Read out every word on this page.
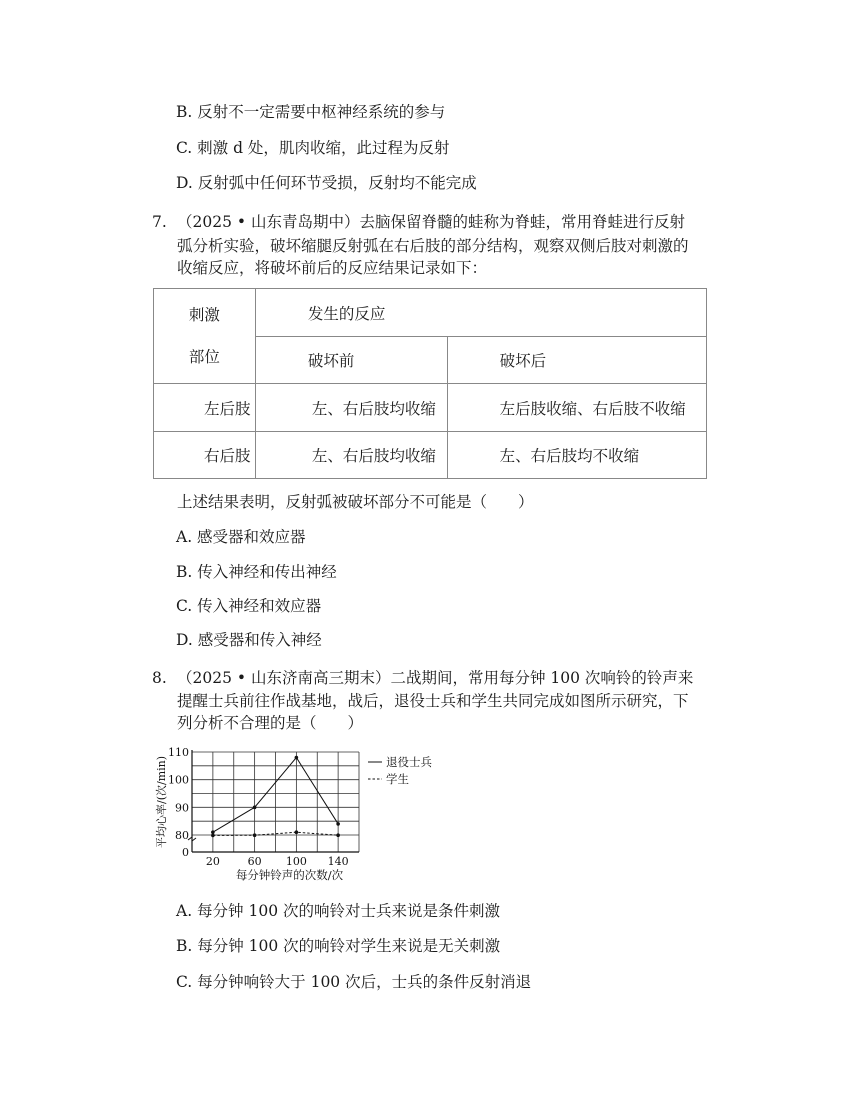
B. 反射不一定需要中枢神经系统的参与
C. 刺激 d 处，肌肉收缩，此过程为反射
D. 反射弧中任何环节受损，反射均不能完成
7. （2025 • 山东青岛期中）去脑保留脊髓的蛙称为脊蛙，常用脊蛙进行反射
弧分析实验，破坏缩腿反射弧在右后肢的部分结构，观察双侧后肢对刺激的
收缩反应，将破坏前后的反应结果记录如下：
刺激
部位	发生的反应	
	破坏前	破坏后
左后肢	左、右后肢均收缩	左后肢收缩、右后肢不收缩
右后肢	左、右后肢均收缩	左、右后肢均不收缩
上述结果表明，反射弧被破坏部分不可能是（　　）
A. 感受器和效应器
B. 传入神经和传出神经
C. 传入神经和效应器
D. 感受器和传入神经
8. （2025 • 山东济南高三期末）二战期间，常用每分钟 100 次响铃的铃声来
提醒士兵前往作战基地，战后，退役士兵和学生共同完成如图所示研究，下
列分析不合理的是（　　）
0
80
90
100
110
20	60 100 140
每分钟铃声的次数/次
平均心率/(次/min)	退役士兵
学生
A. 每分钟 100 次的响铃对士兵来说是条件刺激
B. 每分钟 100 次的响铃对学生来说是无关刺激
C. 每分钟响铃大于 100 次后，士兵的条件反射消退
